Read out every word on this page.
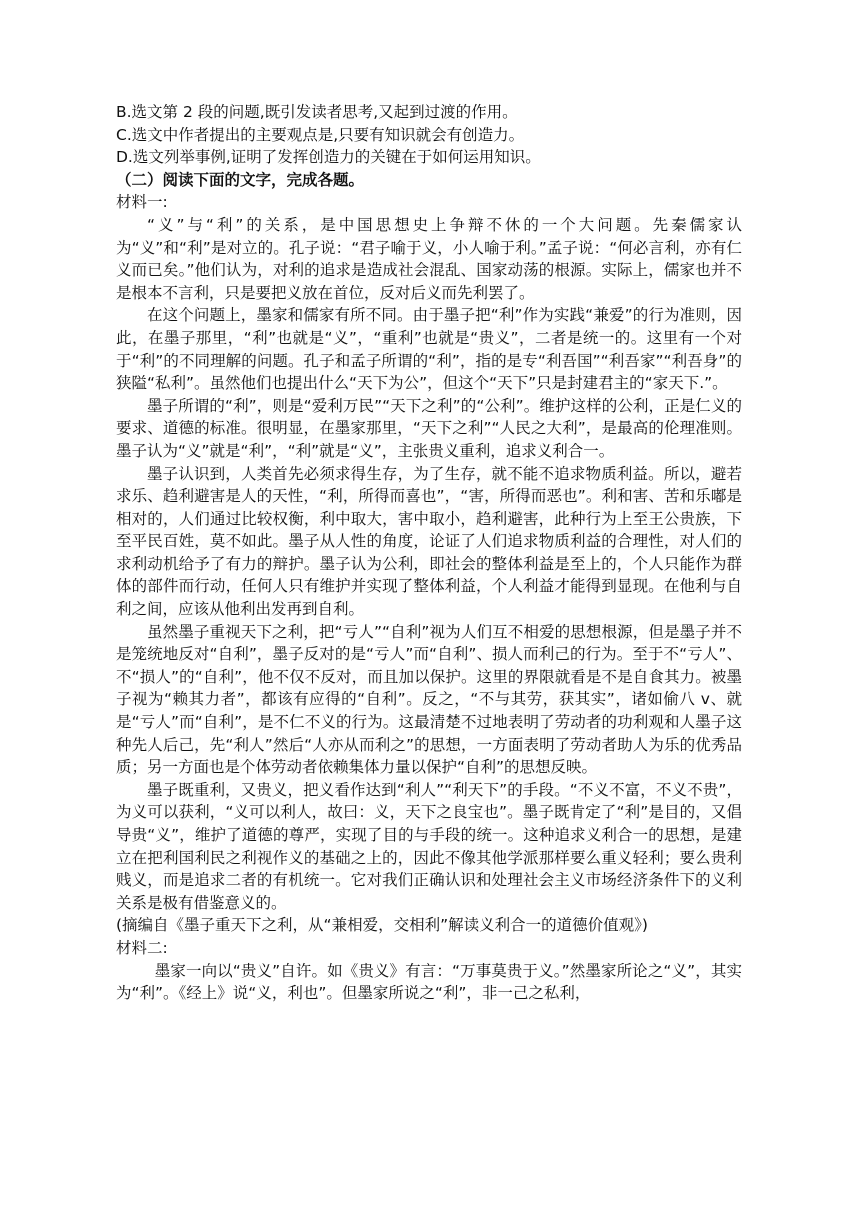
B.选文第 2 段的问题,既引发读者思考,又起到过渡的作用。

C.选文中作者提出的主要观点是,只要有知识就会有创造力。

D.选文列举事例,证明了发挥创造力的关键在于如何运用知识。

（二）阅读下面的文字，完成各题。

材料一:

“义”与“利”的关系，是中国思想史上争辩不休的一个大问题。先秦儒家认为“义”和“利”是对立的。孔子说：“君子喻于义，小人喻于利。”孟子说：“何必言利，亦有仁义而已矣。”他们认为，对利的追求是造成社会混乱、国家动荡的根源。实际上，儒家也并不是根本不言利，只是要把义放在首位，反对后义而先利罢了。

在这个问题上，墨家和儒家有所不同。由于墨子把“利”作为实践“兼爱”的行为准则，因此，在墨子那里，“利”也就是“义”，“重利”也就是“贵义”，二者是统一的。这里有一个对于“利”的不同理解的问题。孔子和孟子所谓的“利”，指的是专“利吾国”“利吾家”“利吾身”的狭隘“私利”。虽然他们也提出什么“天下为公”，但这个“天下”只是封建君主的“家天下.”。

墨子所谓的“利”，则是“爱利万民”“天下之利”的“公利”。维护这样的公利，正是仁义的要求、道德的标准。很明显，在墨家那里，“天下之利”“人民之大利”，是最高的伦理准则。墨子认为“义”就是“利”，“利”就是“义”，主张贵义重利，追求义利合一。

墨子认识到，人类首先必须求得生存，为了生存，就不能不追求物质利益。所以，避若求乐、趋利避害是人的天性，“利，所得而喜也”，“害，所得而恶也”。利和害、苦和乐嘟是相对的，人们通过比较权衡，利中取大，害中取小，趋利避害，此种行为上至王公贵族，下至平民百姓，莫不如此。墨子从人性的角度，论证了人们追求物质利益的合理性，对人们的求利动机给予了有力的辩护。墨子认为公利，即社会的整体利益是至上的，个人只能作为群体的部件而行动，任何人只有维护并实现了整体利益，个人利益才能得到显现。在他利与自利之间，应该从他利出发再到自利。

虽然墨子重视天下之利，把“亏人”“自利”视为人们互不相爱的思想根源，但是墨子并不是笼统地反对“自利”，墨子反对的是“亏人”而“自利”、损人而利己的行为。至于不“亏人”、不“损人”的“自利”，他不仅不反对，而且加以保护。这里的界限就看是不是自食其力。被墨子视为“赖其力者”，都该有应得的“自利”。反之，“不与其劳，获其实”，诸如偷八 v、就是“亏人”而“自利”，是不仁不义的行为。这最清楚不过地表明了劳动者的功利观和人墨子这种先人后己，先“利人”然后“人亦从而利之”的思想，一方面表明了劳动者助人为乐的优秀品质；另一方面也是个体劳动者依赖集体力量以保护“自利”的思想反映。

墨子既重利，又贵义，把义看作达到“利人”“利天下”的手段。“不义不富，不义不贵”，为义可以获利，“义可以利人，故曰：义，天下之良宝也”。墨子既肯定了“利”是目的，又倡导贵“义”，维护了道德的尊严，实现了目的与手段的统一。这种追求义利合一的思想，是建立在把利国利民之利视作义的基础之上的，因此不像其他学派那样要么重义轻利；要么贵利贱义，而是追求二者的有机统一。它对我们正确认识和处理社会主义市场经济条件下的义利关系是极有借鉴意义的。

(摘编自《墨子重天下之利，从“兼相爱，交相利”解读义利合一的道德价值观》)

材料二:

墨家一向以“贵义”自许。如《贵义》有言：“万事莫贵于义。”然墨家所论之“义”，其实为“利”。《经上》说“义，利也”。但墨家所说之“利”，非一己之私利，
